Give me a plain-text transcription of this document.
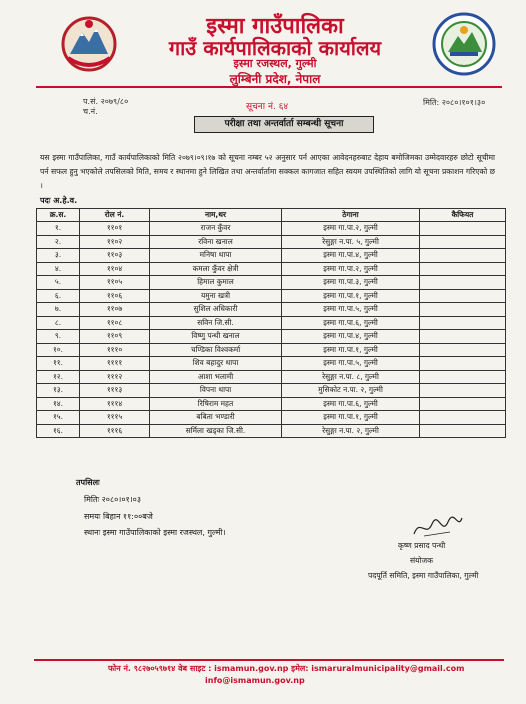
इस्मा गाउँपालिका
गाउँ कार्यपालिकाको कार्यालय
इस्मा रजस्थल, गुल्मी
लुम्बिनी प्रदेश, नेपाल
प.सं. २०७९/८०
च.नं.	सूचना नं. ६४	मिति: २०८०।१०१।३०
परीक्षा तथा अन्तर्वार्ता सम्बन्धी सूचना
यस इस्मा गाउँपालिका, गाउँ कार्यपालिकाको मिति २०७९।०९।१७ को सूचना नम्बर ५२ अनुसार पर्न आएका आवेदनहरुबाट देहाय बमोजिमका उम्मेदवारहरु छोटो सूचीमा पर्न सफल हुनु भएकोले तपसिलको मिति, समय र स्थानमा हुने लिखित तथा अन्तर्वार्तामा सक्कल कागजात सहित स्वयम उपस्थितिको लागि यो सूचना प्रकाशन गरिएको छ ।
पदः अ.हे.व.
क्र.स.	रोल नं.	नाम,थर	ठेगाना	कैफियत
१.	११०१	राजन कुँवर	इस्मा गा.पा.२, गुल्मी	
२.	११०२	रविना खनाल	रेसुङ्गा न.पा. ५, गुल्मी	
३.	११०३	मनिषा थापा	इस्मा गा.पा.४, गुल्मी	
४.	११०४	कमला कुँवर क्षेत्री	इस्मा गा.पा.२, गुल्मी	
५.	११०५	हिमाल कुमाल	इस्मा गा.पा.३, गुल्मी	
६.	११०६	यमुना खत्री	इस्मा गा.पा.१, गुल्मी	
७.	११०७	सुशिल अधिकारी	इस्मा गा.पा.५, गुल्मी	
८.	११०८	सविन जि.सी.	इस्मा गा.पा.६, गुल्मी	
९.	११०९	विष्णु पन्थी खनाल	इस्मा गा.पा.४, गुल्मी	
१०.	१११०	चण्डिका विश्वकर्मा	इस्मा गा.पा.१, गुल्मी	
११.	११११	शिव बहादुर थापा	इस्मा गा.पा.५, गुल्मी	
१२.	१११२	आशा भलामी	रेसुङ्गा न.पा. ८, गुल्मी	
१३.	१११३	विपना थापा	मुसिकोट न.पा. २, गुल्मी	
१४.	१११४	रिषिराम महत	इस्मा गा.पा.६, गुल्मी	
१५.	१११५	बबिता भण्डारी	इस्मा गा.पा.१, गुल्मी	
१६.	१११६	सर्मिला खड्का जि.सी.	रेसुङ्गा न.पा. २, गुल्मी	
तपसिलः
मितिः २०८०।०१।०३
समयः बिहान ११:००बजे
स्थानः इस्मा गाउँपालिकाको इस्मा रजस्थल, गुल्मी।
कृष्ण प्रसाद पन्थी
संयोजक
पदपूर्ति समिति, इस्मा गाउँपालिका, गुल्मी
फोन नं. ९८२७०५९७१४ वेब साइट : ismamun.gov.np इमेल: ismaruralmunicipality@gmail.com
info@ismamun.gov.np
